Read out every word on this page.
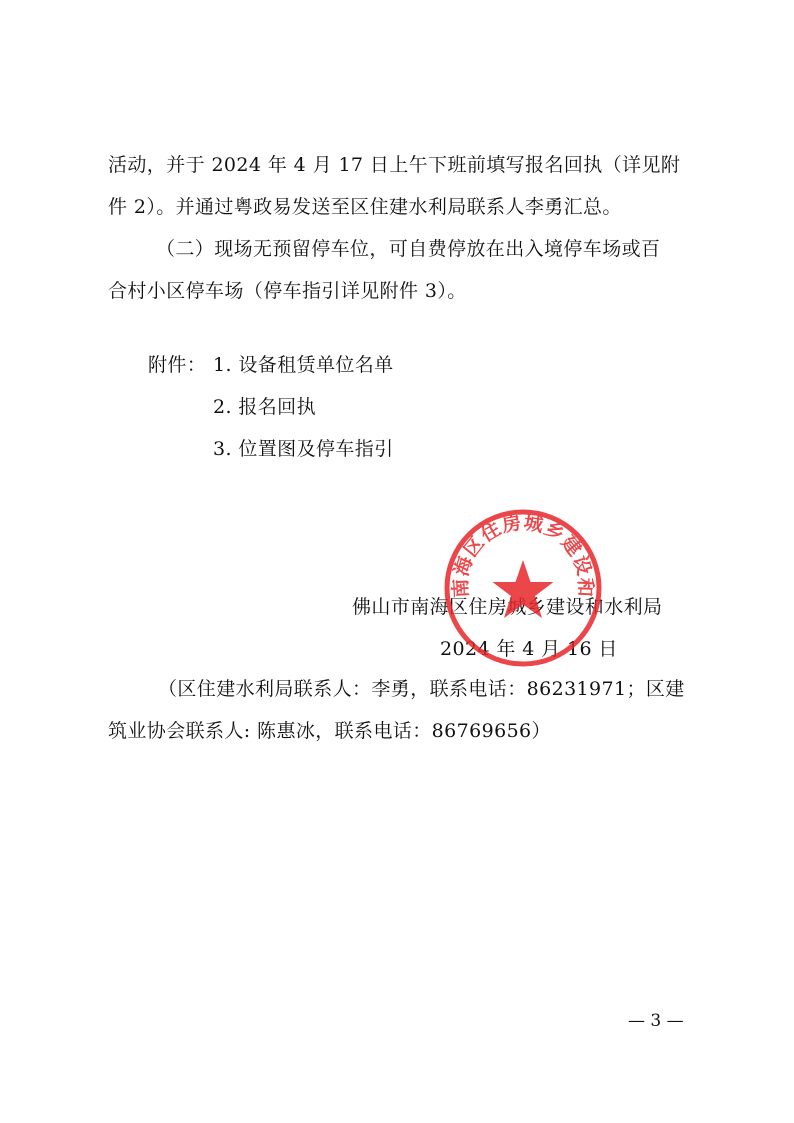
活动，并于 2024 年 4 月 17 日上午下班前填写报名回执（详见附
件 2）。并通过粤政易发送至区住建水利局联系人李勇汇总。
（二）现场无预留停车位，可自费停放在出入境停车场或百
合村小区停车场（停车指引详见附件 3）。
附件： 1. 设备租赁单位名单
2. 报名回执
3. 位置图及停车指引
佛山市南海区住房城乡建设和水利局
2024 年 4 月 16 日
南海区住房城乡建设和
（区住建水利局联系人：李勇，联系电话：86231971；区建
筑业协会联系人: 陈惠冰，联系电话：86769656）
— 3 —
